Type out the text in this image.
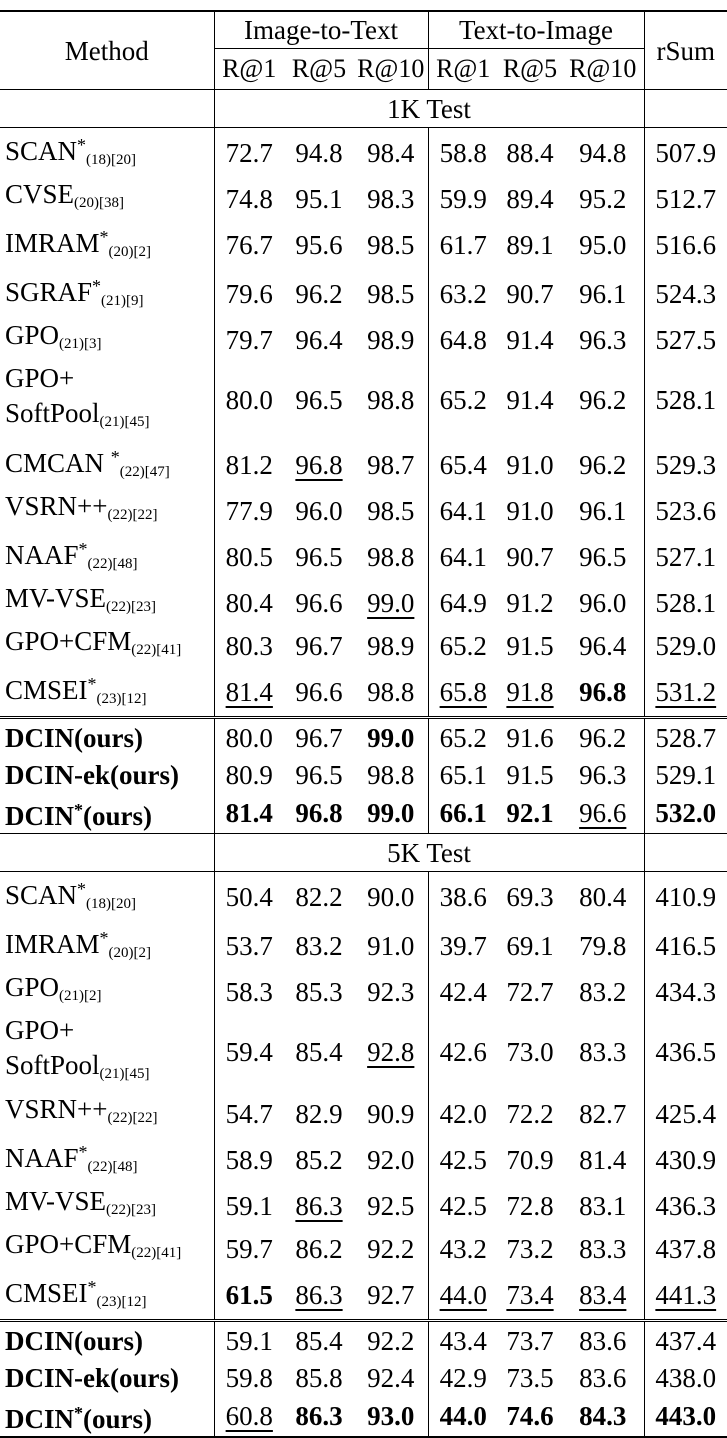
Method	Image-to-Text			Text-to-Image			rSum
	R@1	R@5	R@10	R@1	R@5	R@10	
	1K Test						
$SCAN^*_{(18)[20]}$	72.7	94.8	98.4	58.8	88.4	94.8	507.9
$CVSE_{(20)[38]}$	74.8	95.1	98.3	59.9	89.4	95.2	512.7
$IMRAM^*_{(20)[2]}$	76.7	95.6	98.5	61.7	89.1	95.0	516.6
$SGRAF^*_{(21)[9]}$	79.6	96.2	98.5	63.2	90.7	96.1	524.3
$GPO_{(21)[3]}$	79.7	96.4	98.9	64.8	91.4	96.3	527.5
GPO+
SoftPool$_{(21)[45]}$	80.0	96.5	98.8	65.2	91.4	96.2	528.1
CMCAN *$_{(22)[47]}$	81.2	96.8	98.7	65.4	91.0	96.2	529.3
$VSRN++_{(22)[22]}$	77.9	96.0	98.5	64.1	91.0	96.1	523.6
$NAAF^*_{(22)[48]}$	80.5	96.5	98.8	64.1	90.7	96.5	527.1
$MV-VSE_{(22)[23]}$	80.4	96.6	99.0	64.9	91.2	96.0	528.1
$GPO+CFM_{(22)[41]}$	80.3	96.7	98.9	65.2	91.5	96.4	529.0
$CMSEI^*_{(23)[12]}$	81.4	96.6	98.8	65.8	91.8	96.8	531.2
DCIN(ours)	80.0	96.7	99.0	65.2	91.6	96.2	528.7
DCIN-ek(ours)	80.9	96.5	98.8	65.1	91.5	96.3	529.1
DCIN*(ours)	81.4	96.8	99.0	66.1	92.1	96.6	532.0
	5K Test						
$SCAN^*_{(18)[20]}$	50.4	82.2	90.0	38.6	69.3	80.4	410.9
$IMRAM^*_{(20)[2]}$	53.7	83.2	91.0	39.7	69.1	79.8	416.5
$GPO_{(21)[2]}$	58.3	85.3	92.3	42.4	72.7	83.2	434.3
GPO+
SoftPool$_{(21)[45]}$	59.4	85.4	92.8	42.6	73.0	83.3	436.5
$VSRN++_{(22)[22]}$	54.7	82.9	90.9	42.0	72.2	82.7	425.4
$NAAF^*_{(22)[48]}$	58.9	85.2	92.0	42.5	70.9	81.4	430.9
$MV-VSE_{(22)[23]}$	59.1	86.3	92.5	42.5	72.8	83.1	436.3
$GPO+CFM_{(22)[41]}$	59.7	86.2	92.2	43.2	73.2	83.3	437.8
$CMSEI^*_{(23)[12]}$	61.5	86.3	92.7	44.0	73.4	83.4	441.3
DCIN(ours)	59.1	85.4	92.2	43.4	73.7	83.6	437.4
DCIN-ek(ours)	59.8	85.8	92.4	42.9	73.5	83.6	438.0
DCIN*(ours)	60.8	86.3	93.0	44.0	74.6	84.3	443.0
